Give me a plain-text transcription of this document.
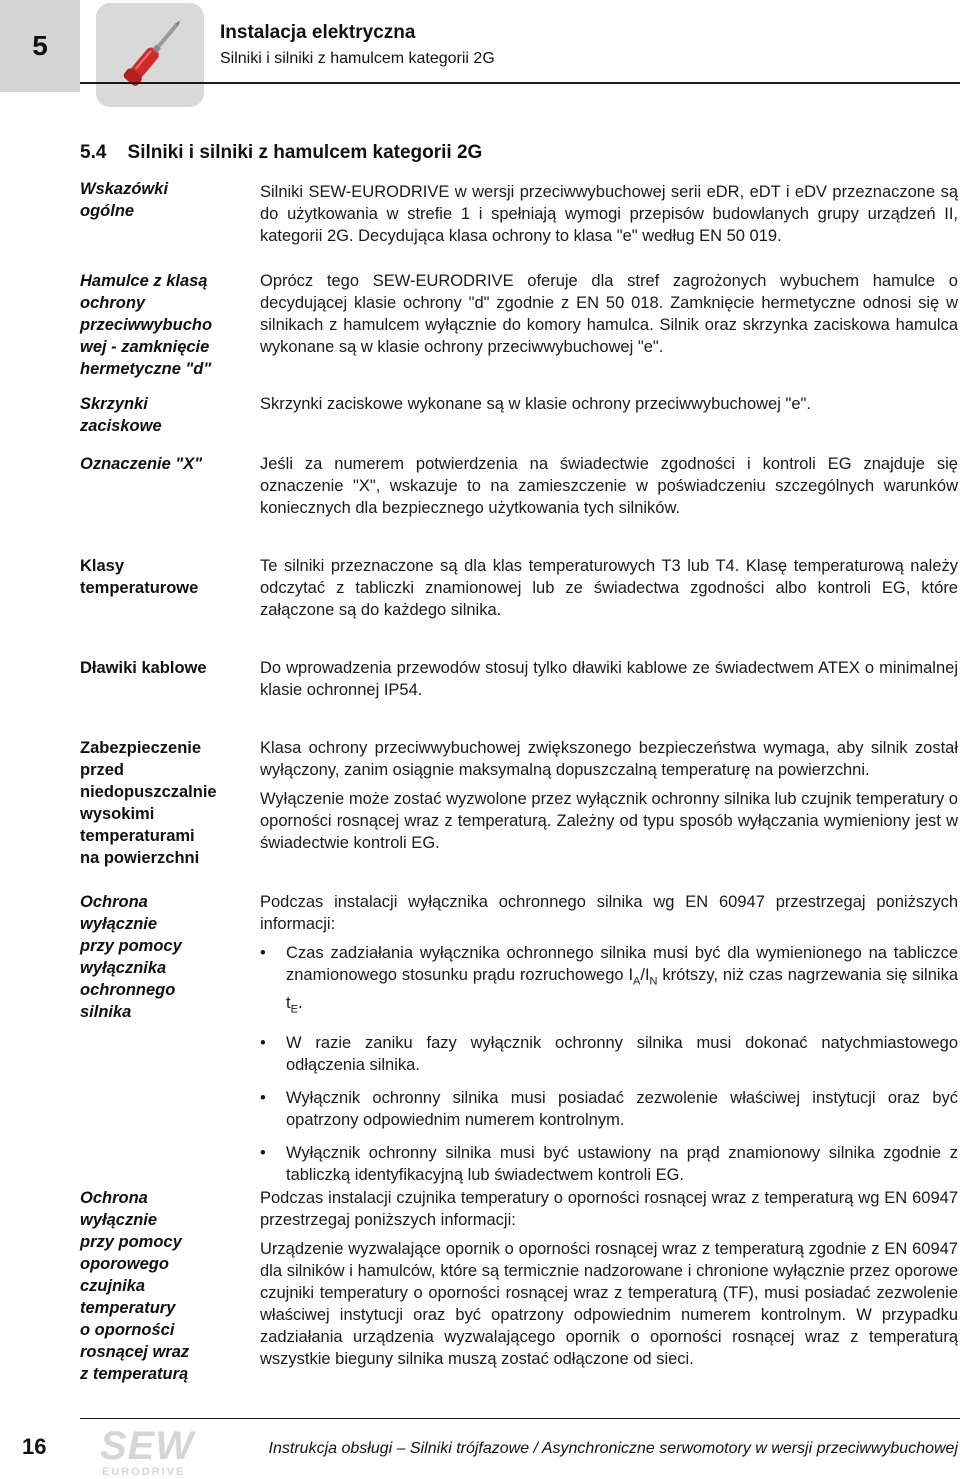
5	Instalacja elektryczna
Silniki i silniki z hamulcem kategorii 2G
5.4 Silniki i silniki z hamulcem kategorii 2G
Wskazówki
ogólne
Hamulce z klasą
ochrony
przeciwwybucho
wej - zamknięcie
hermetyczne "d"
Skrzynki
zaciskowe
Oznaczenie "X"
Klasy
temperaturowe
Dławiki kablowe
Zabezpieczenie
przed
niedopuszczalnie
wysokimi
temperaturami
na powierzchni
Ochrona
wyłącznie
przy pomocy
wyłącznika
ochronnego
silnika
Ochrona
wyłącznie
przy pomocy
oporowego
czujnika
temperatury
o oporności
rosnącej wraz
z temperaturą
Silniki SEW-EURODRIVE w wersji przeciwwybuchowej serii eDR, eDT i eDV przeznaczone są do użytkowania w strefie 1 i spełniają wymogi przepisów budowlanych grupy urządzeń II, kategorii 2G. Decydująca klasa ochrony to klasa "e" według EN 50 019.
Oprócz tego SEW-EURODRIVE oferuje dla stref zagrożonych wybuchem hamulce o decydującej klasie ochrony "d" zgodnie z EN 50 018. Zamknięcie hermetyczne odnosi się w silnikach z hamulcem wyłącznie do komory hamulca. Silnik oraz skrzynka zaciskowa hamulca wykonane są w klasie ochrony przeciwwybuchowej "e".
Skrzynki zaciskowe wykonane są w klasie ochrony przeciwwybuchowej "e".
Jeśli za numerem potwierdzenia na świadectwie zgodności i kontroli EG znajduje się oznaczenie "X", wskazuje to na zamieszczenie w poświadczeniu szczególnych warunków koniecznych dla bezpiecznego użytkowania tych silników.
Te silniki przeznaczone są dla klas temperaturowych T3 lub T4. Klasę temperaturową należy odczytać z tabliczki znamionowej lub ze świadectwa zgodności albo kontroli EG, które załączone są do każdego silnika.
Do wprowadzenia przewodów stosuj tylko dławiki kablowe ze świadectwem ATEX o minimalnej klasie ochronnej IP54.
Klasa ochrony przeciwwybuchowej zwiększonego bezpieczeństwa wymaga, aby silnik został wyłączony, zanim osiągnie maksymalną dopuszczalną temperaturę na powierzchni.
Wyłączenie może zostać wyzwolone przez wyłącznik ochronny silnika lub czujnik temperatury o oporności rosnącej wraz z temperaturą. Zależny od typu sposób wyłączania wymieniony jest w świadectwie kontroli EG.
Podczas instalacji wyłącznika ochronnego silnika wg EN 60947 przestrzegaj poniższych informacji:
• Czas zadziałania wyłącznika ochronnego silnika musi być dla wymienionego na tabliczce znamionowego stosunku prądu rozruchowego $I_A/I_N$ krótszy, niż czas nagrzewania się silnika $t_E$.
• W razie zaniku fazy wyłącznik ochronny silnika musi dokonać natychmiastowego odłączenia silnika.
• Wyłącznik ochronny silnika musi posiadać zezwolenie właściwej instytucji oraz być opatrzony odpowiednim numerem kontrolnym.
• Wyłącznik ochronny silnika musi być ustawiony na prąd znamionowy silnika zgodnie z tabliczką identyfikacyjną lub świadectwem kontroli EG.
Podczas instalacji czujnika temperatury o oporności rosnącej wraz z temperaturą wg EN 60947 przestrzegaj poniższych informacji:
Urządzenie wyzwalające opornik o oporności rosnącej wraz z temperaturą zgodnie z EN 60947 dla silników i hamulców, które są termicznie nadzorowane i chronione wyłącznie przez oporowe czujniki temperatury o oporności rosnącej wraz z temperaturą (TF), musi posiadać zezwolenie właściwej instytucji oraz być opatrzony odpowiednim numerem kontrolnym. W przypadku zadziałania urządzenia wyzwalającego opornik o oporności rosnącej wraz z temperaturą wszystkie bieguny silnika muszą zostać odłączone od sieci.
16 SEW
EURODRIVE
Instrukcja obsługi – Silniki trójfazowe / Asynchroniczne serwomotory w wersji przeciwwybuchowej
